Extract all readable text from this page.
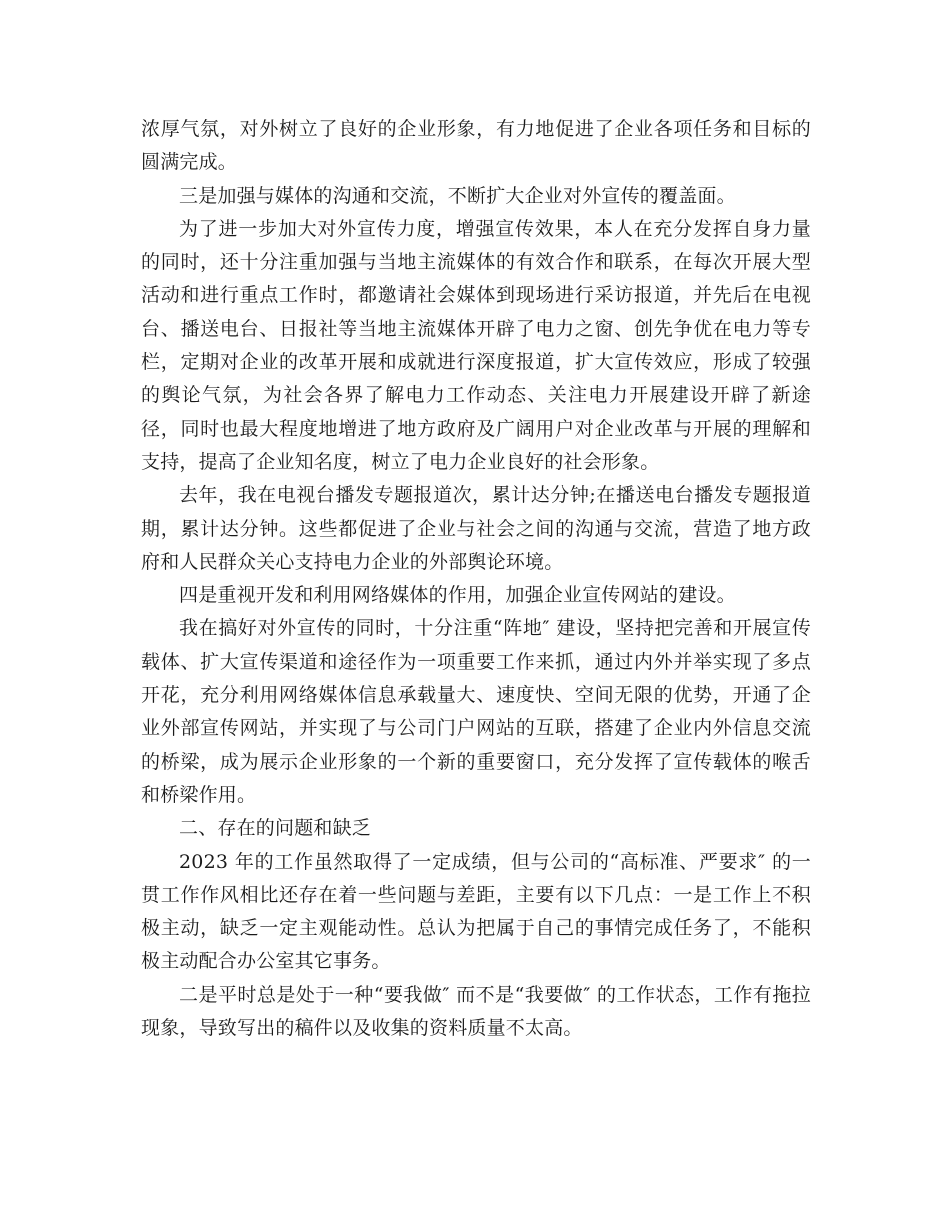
浓厚气氛，对外树立了良好的企业形象，有力地促进了企业各项任务和目标的圆满完成。

三是加强与媒体的沟通和交流，不断扩大企业对外宣传的覆盖面。

为了进一步加大对外宣传力度，增强宣传效果，本人在充分发挥自身力量的同时，还十分注重加强与当地主流媒体的有效合作和联系，在每次开展大型活动和进行重点工作时，都邀请社会媒体到现场进行采访报道，并先后在电视台、播送电台、日报社等当地主流媒体开辟了电力之窗、创先争优在电力等专栏，定期对企业的改革开展和成就进行深度报道，扩大宣传效应，形成了较强的舆论气氛，为社会各界了解电力工作动态、关注电力开展建设开辟了新途径，同时也最大程度地增进了地方政府及广阔用户对企业改革与开展的理解和支持，提高了企业知名度，树立了电力企业良好的社会形象。

去年，我在电视台播发专题报道次，累计达分钟;在播送电台播发专题报道期，累计达分钟。这些都促进了企业与社会之间的沟通与交流，营造了地方政府和人民群众关心支持电力企业的外部舆论环境。

四是重视开发和利用网络媒体的作用，加强企业宣传网站的建设。

我在搞好对外宣传的同时，十分注重“阵地″ 建设，坚持把完善和开展宣传载体、扩大宣传渠道和途径作为一项重要工作来抓，通过内外并举实现了多点开花，充分利用网络媒体信息承载量大、速度快、空间无限的优势，开通了企业外部宣传网站，并实现了与公司门户网站的互联，搭建了企业内外信息交流的桥梁，成为展示企业形象的一个新的重要窗口，充分发挥了宣传载体的喉舌和桥梁作用。

二、存在的问题和缺乏

2023 年的工作虽然取得了一定成绩，但与公司的“高标准、严要求″ 的一贯工作作风相比还存在着一些问题与差距，主要有以下几点：一是工作上不积极主动，缺乏一定主观能动性。总认为把属于自己的事情完成任务了，不能积极主动配合办公室其它事务。

二是平时总是处于一种“要我做″ 而不是“我要做″ 的工作状态，工作有拖拉现象，导致写出的稿件以及收集的资料质量不太高。
